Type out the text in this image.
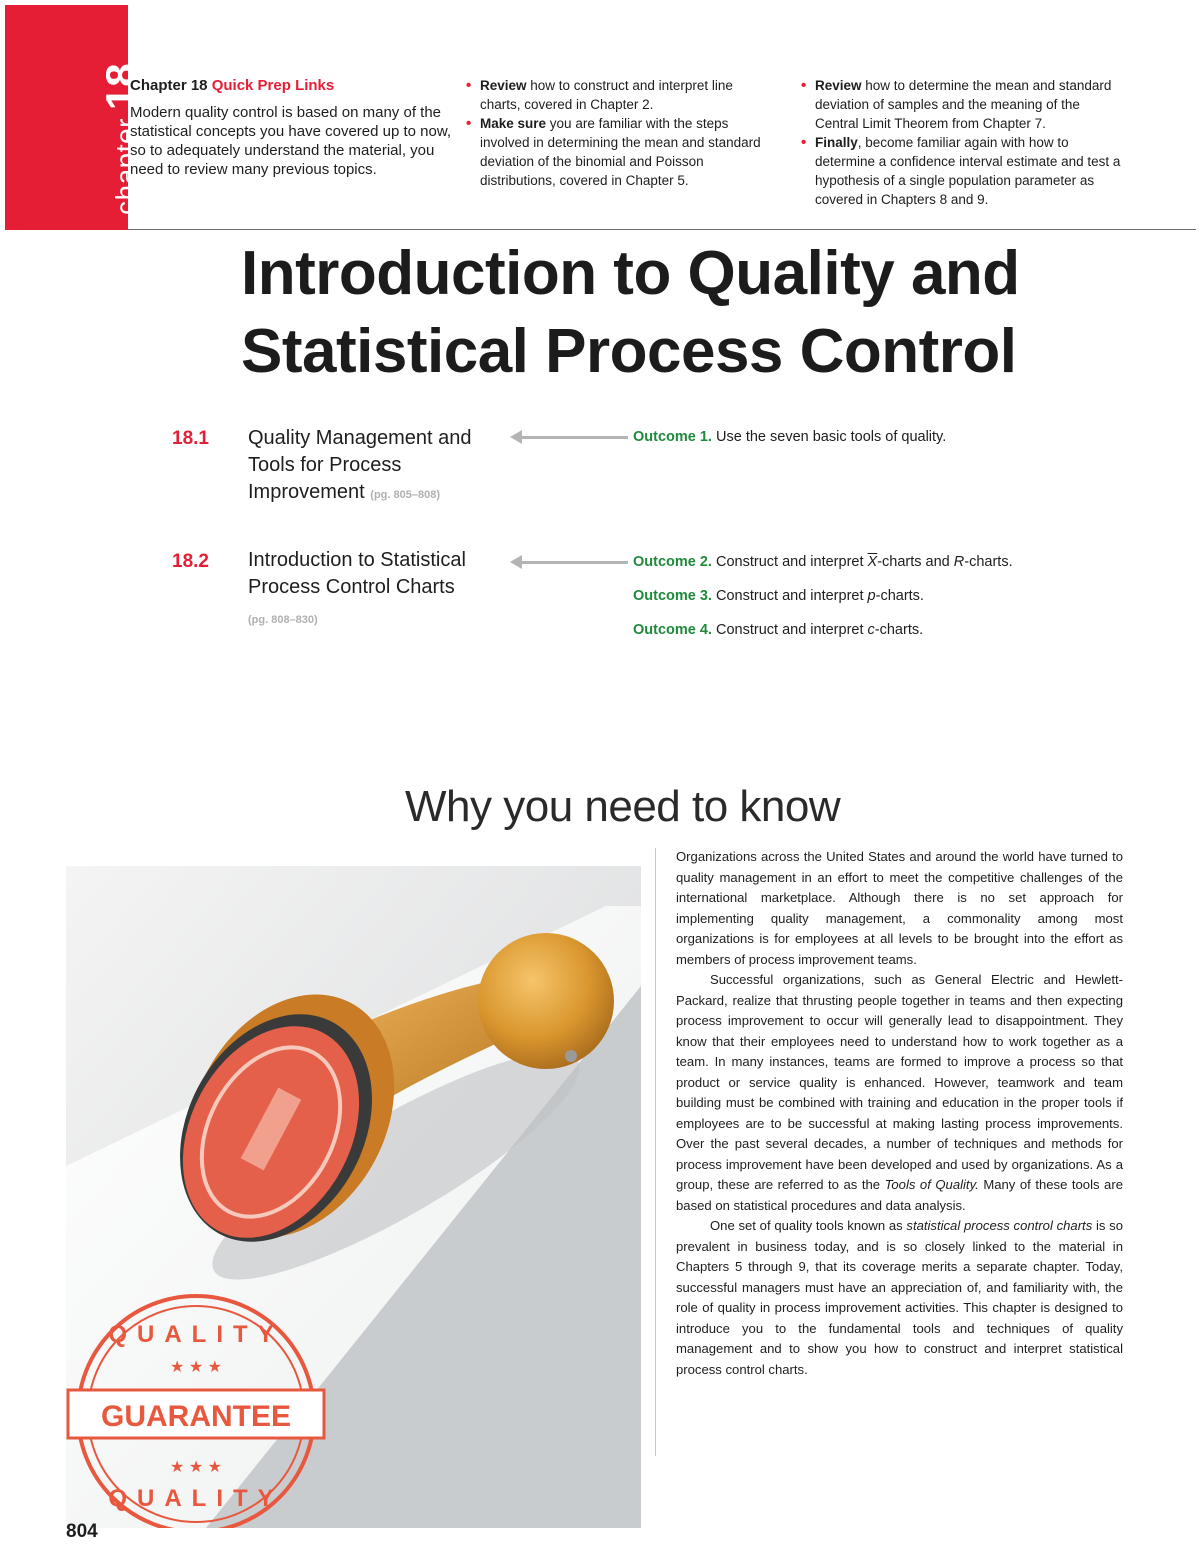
chapter18
Chapter 18 Quick Prep Links
Modern quality control is based on many of the statistical concepts you have covered up to now, so to adequately understand the material, you need to review many previous topics.
• Review how to construct and interpret line charts, covered in Chapter 2.
• Make sure you are familiar with the steps involved in determining the mean and standard deviation of the binomial and Poisson distributions, covered in Chapter 5.
• Review how to determine the mean and standard deviation of samples and the meaning of the Central Limit Theorem from Chapter 7.
• Finally, become familiar again with how to determine a confidence interval estimate and test a hypothesis of a single population parameter as covered in Chapters 8 and 9.
Introduction to Quality and
Statistical Process Control
18.1 Quality Management and
Tools for Process
Improvement (pg. 805–808)
18.2 Introduction to Statistical
Process Control Charts
(pg. 808–830)
Outcome 1. Use the seven basic tools of quality.
Outcome 2. Construct and interpret $\overline{X}$-charts and R-charts.
Outcome 3. Construct and interpret p-charts.
Outcome 4. Construct and interpret c-charts.
Why you need to know
GUARANTEE
★ ★ ★
★ ★ ★
QUALITY
QUALITY

Organizations across the United States and around the world have turned to quality management in an effort to meet the competitive challenges of the international marketplace. Although there is no set approach for implementing quality management, a commonality among most organizations is for employees at all levels to be brought into the effort as members of process improvement teams.

Successful organizations, such as General Electric and Hewlett-Packard, realize that thrusting people together in teams and then expecting process improvement to occur will generally lead to disappointment. They know that their employees need to understand how to work together as a team. In many instances, teams are formed to improve a process so that product or service quality is enhanced. However, teamwork and team building must be combined with training and education in the proper tools if employees are to be successful at making lasting process improvements. Over the past several decades, a number of techniques and methods for process improvement have been developed and used by organizations. As a group, these are referred to as the Tools of Quality. Many of these tools are based on statistical procedures and data analysis.

One set of quality tools known as statistical process control charts is so prevalent in business today, and is so closely linked to the material in Chapters 5 through 9, that its coverage merits a separate chapter. Today, successful managers must have an appreciation of, and familiarity with, the role of quality in process improvement activities. This chapter is designed to introduce you to the fundamental tools and techniques of quality management and to show you how to construct and interpret statistical process control charts.

804
